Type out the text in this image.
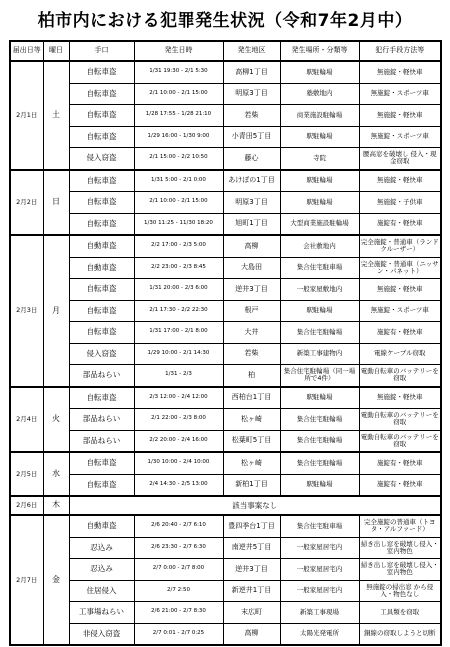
柏市内における犯罪発生状況（令和7年2月中）
届出日等	曜日	手口	発生日時	発生地区	発生場所・分類等	犯行手段方法等
2月1日	土	自転車盗	1/31 19:30 - 2/1 5:30	高柳1丁目	駅駐輪場	無施錠・軽快車
		自転車盗	2/1 10:00 - 2/1 15:00	明原3丁目	塾敷地内	無施錠・スポーツ車
		自転車盗	1/28 17:55 - 1/28 21:10	若柴	商業施設駐輪場	無施錠・軽快車
		自転車盗	1/29 16:00 - 1/30 9:00	小青田5丁目	駅駐輪場	無施錠・スポーツ車
		侵入窃盗	2/1 15:00 - 2/2 10:50	藤心	寺院	腰高窓を破壊し 侵入・現金窃取
2月2日	日	自転車盗	1/31 5:00 - 2/1 0:00	あけぼの1丁目	駅駐輪場	無施錠・軽快車
		自転車盗	2/1 10:00 - 2/1 15:00	明原3丁目	駅駐輪場	無施錠・子供車
		自転車盗	1/30 11:25 - 11/30 18:20	旭町1丁目	大型商業施設駐輪場	施錠有・軽快車
2月3日	月	自動車盗	2/2 17:00 - 2/3 5:00	高柳	会社敷地内	完全施錠・普通車（ランドクルーザー）
		自動車盗	2/2 23:00 - 2/3 8:45	大島田	集合住宅駐車場	完全施錠・普通車（ニッサン・パネット）
		自転車盗	1/31 20:00 - 2/3 6:00	逆井3丁目	一般家屋敷地内	無施錠・軽快車
		自転車盗	2/1 17:30 - 2/2 22:30	根戸	駅駐輪場	無施錠・スポーツ車
		自転車盗	1/31 17:00 - 2/1 8:00	大井	集合住宅駐輪場	施錠有・軽快車
		侵入窃盗	1/29 10:00 - 2/1 14:30	若柴	新築工事建物内	電線ケーブル窃取
		部品ねらい	1/31 - 2/3	柏	集合住宅駐輪場（同一場所で4件）	電動自転車のバッテリーを窃取
2月4日	火	自転車盗	2/3 12:00 - 2/4 12:00	西柏台1丁目	駅駐輪場	無施錠・軽快車
		部品ねらい	2/1 22:00 - 2/3 8:00	松ヶ崎	集合住宅駐輪場	電動自転車のバッテリーを窃取
		部品ねらい	2/2 20:00 - 2/4 16:00	松葉町5丁目	集合住宅駐輪場	電動自転車のバッテリーを窃取
2月5日	水	自転車盗	1/30 10:00 - 2/4 10:00	松ヶ崎	集合住宅駐輪場	施錠有・軽快車
		自転車盗	2/4 14:30 - 2/5 13:00	新柏1丁目	駅駐輪場	施錠有・軽快車
2月6日	木	該当事案なし				
2月7日	金	自動車盗	2/6 20:40 - 2/7 6:10	豊四季台1丁目	集合住宅駐車場	完全施錠の普通車（トヨタ・アルファード）
		忍込み	2/6 23:30 - 2/7 6:30	南逆井5丁目	一般家屋居宅内	掃き出し窓を破壊し侵入・室内物色
		忍込み	2/7 0:00 - 2/7 8:00	逆井3丁目	一般家屋居宅内	掃き出し窓を破壊し侵入・室内物色
		住居侵入	2/7 2:50	新逆井1丁目	一般家屋居宅内	無施錠の掃出窓 から侵入・物色なし
		工事場ねらい	2/6 21:00 - 2/7 8:30	末広町	新築工事現場	工具類を窃取
		非侵入窃盗	2/7 0:01 - 2/7 0:25	高柳	太陽光発電所	銅線の窃取しようと切断
